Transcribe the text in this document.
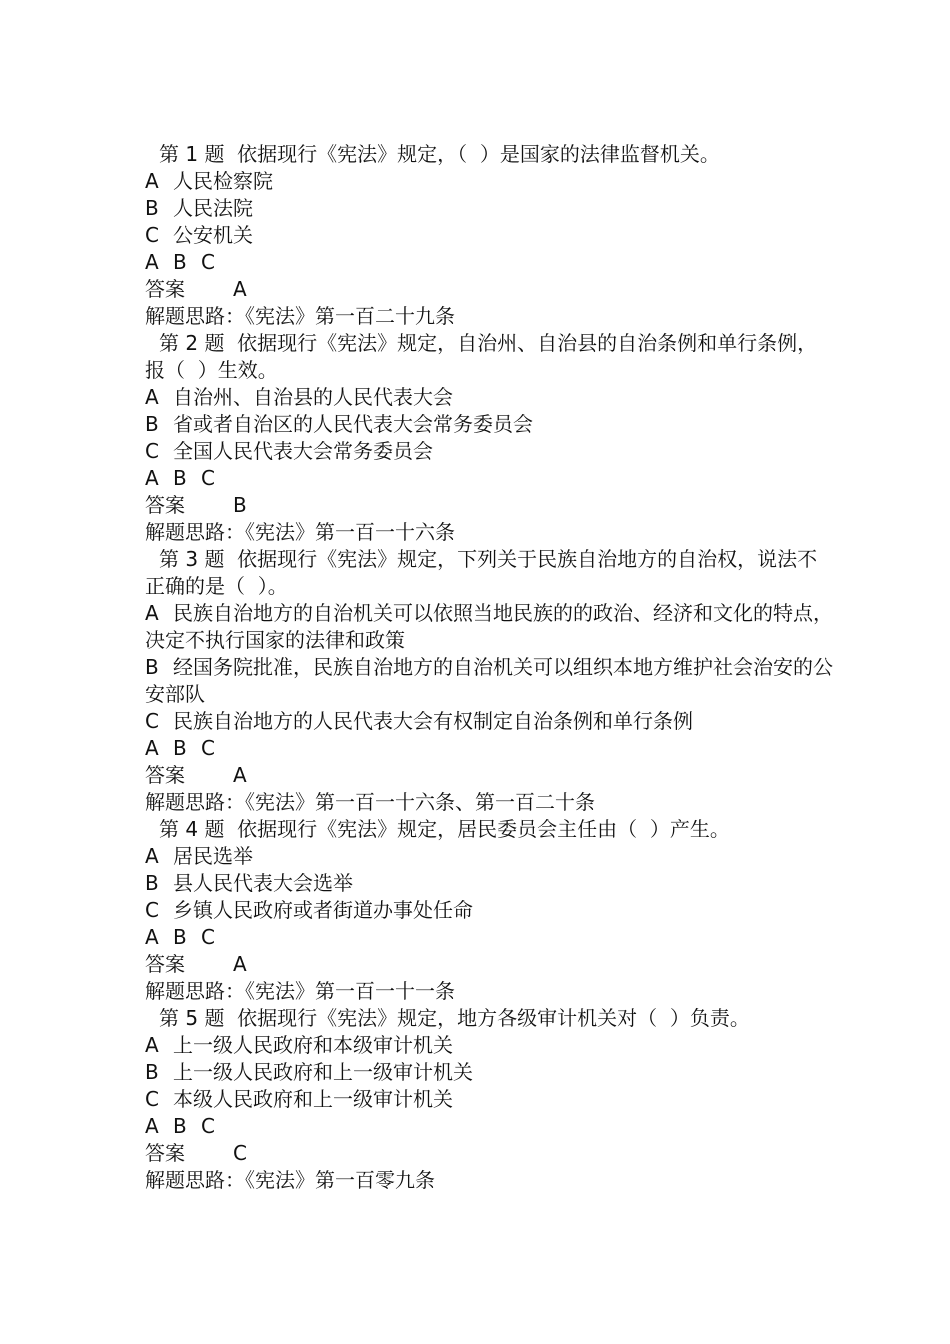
第 1 题  依据现行《宪法》规定，（  ）是国家的法律监督机关。
A 人民检察院
B 人民法院
C 公安机关
A B C
答案 A
解题思路：《宪法》第一百二十九条
第 2 题  依据现行《宪法》规定，自治州、自治县的自治条例和单行条例，报（  ）生效。
A 自治州、自治县的人民代表大会
B 省或者自治区的人民代表大会常务委员会
C 全国人民代表大会常务委员会
A B C
答案 B
解题思路：《宪法》第一百一十六条
第 3 题  依据现行《宪法》规定，下列关于民族自治地方的自治权，说法不正确的是（  ）。
A 民族自治地方的自治机关可以依照当地民族的的政治、经济和文化的特点，决定不执行国家的法律和政策
B 经国务院批准，民族自治地方的自治机关可以组织本地方维护社会治安的公安部队
C 民族自治地方的人民代表大会有权制定自治条例和单行条例
A B C
答案 A
解题思路：《宪法》第一百一十六条、第一百二十条
第 4 题  依据现行《宪法》规定，居民委员会主任由（  ）产生。
A 居民选举
B 县人民代表大会选举
C 乡镇人民政府或者街道办事处任命
A B C
答案 A
解题思路：《宪法》第一百一十一条
第 5 题  依据现行《宪法》规定，地方各级审计机关对（  ）负责。
A 上一级人民政府和本级审计机关
B 上一级人民政府和上一级审计机关
C 本级人民政府和上一级审计机关
A B C
答案 C
解题思路：《宪法》第一百零九条
